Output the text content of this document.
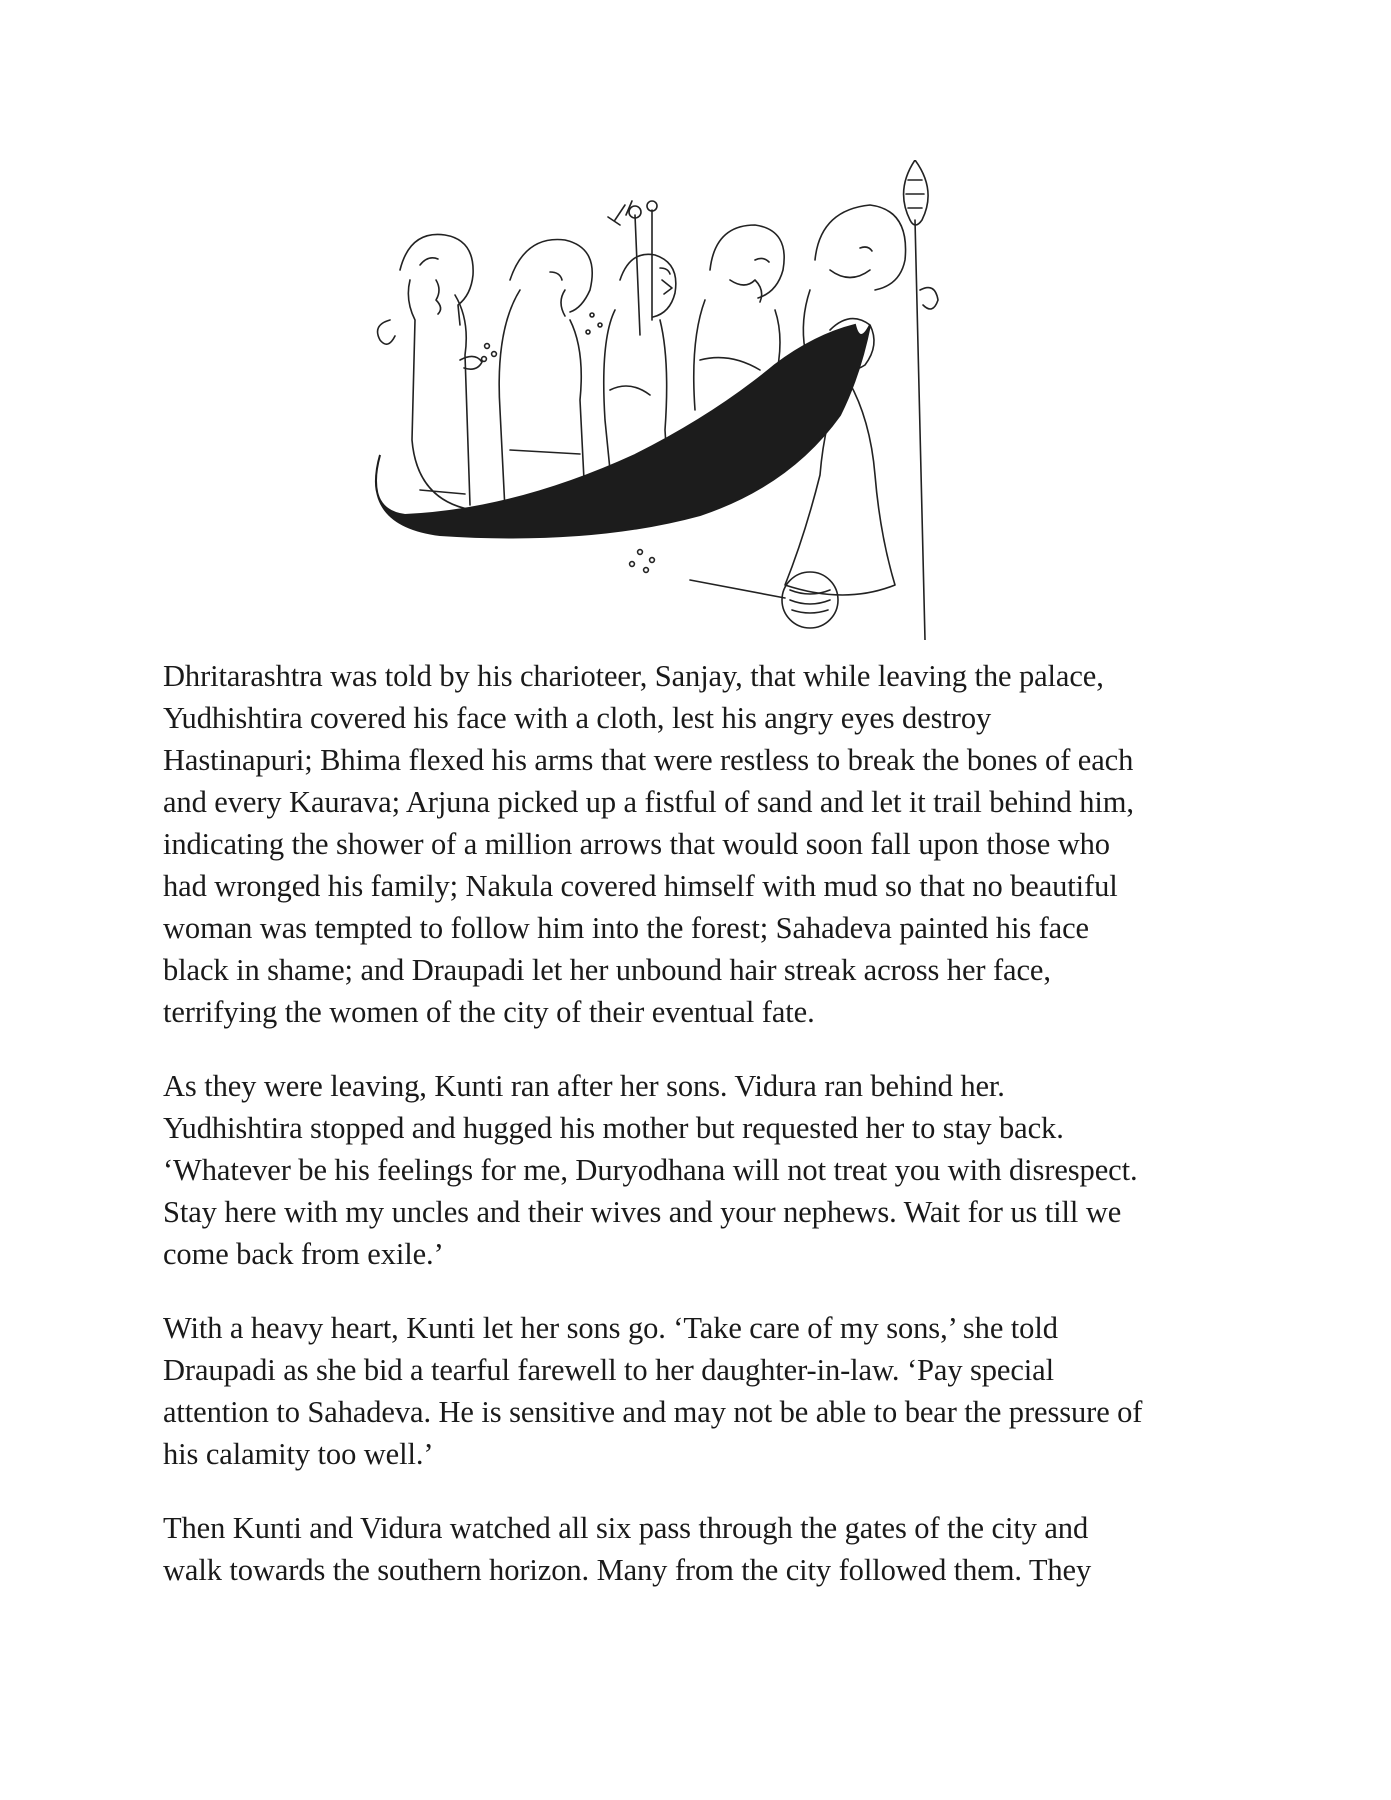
Dhritarashtra was told by his charioteer, Sanjay, that while leaving the palace,
Yudhishtira covered his face with a cloth, lest his angry eyes destroy
Hastinapuri; Bhima flexed his arms that were restless to break the bones of each
and every Kaurava; Arjuna picked up a fistful of sand and let it trail behind him,
indicating the shower of a million arrows that would soon fall upon those who
had wronged his family; Nakula covered himself with mud so that no beautiful
woman was tempted to follow him into the forest; Sahadeva painted his face
black in shame; and Draupadi let her unbound hair streak across her face,
terrifying the women of the city of their eventual fate.

As they were leaving, Kunti ran after her sons. Vidura ran behind her.
Yudhishtira stopped and hugged his mother but requested her to stay back.
‘Whatever be his feelings for me, Duryodhana will not treat you with disrespect.
Stay here with my uncles and their wives and your nephews. Wait for us till we
come back from exile.’

With a heavy heart, Kunti let her sons go. ‘Take care of my sons,’ she told
Draupadi as she bid a tearful farewell to her daughter-in-law. ‘Pay special
attention to Sahadeva. He is sensitive and may not be able to bear the pressure of
his calamity too well.’

Then Kunti and Vidura watched all six pass through the gates of the city and
walk towards the southern horizon. Many from the city followed them. They
